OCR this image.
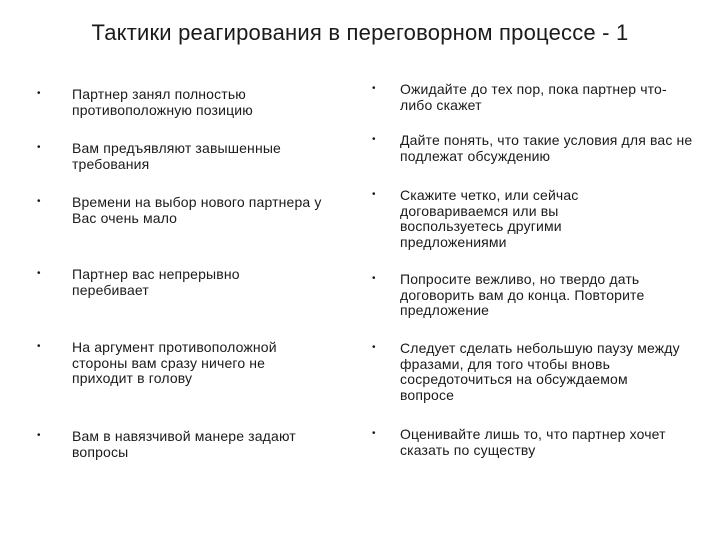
Тактики реагирования в переговорном процессе - 1
• Партнер занял полностью противоположную позицию
• Вам предъявляют завышенные требования
• Времени на выбор нового партнера у Вас очень мало
• Партнер вас непрерывно перебивает
• На аргумент противоположной стороны вам сразу ничего не приходит в голову
• Вам в навязчивой манере задают вопросы
• Ожидайте до тех пор, пока партнер что-либо скажет
• Дайте понять, что такие условия для вас не подлежат обсуждению
• Скажите четко, или сейчас договариваемся или вы воспользуетесь другими предложениями
• Попросите вежливо, но твердо дать договорить вам до конца. Повторите предложение
• Следует сделать небольшую паузу между фразами, для того чтобы вновь сосредоточиться на обсуждаемом вопросе
• Оценивайте лишь то, что партнер хочет сказать по существу
